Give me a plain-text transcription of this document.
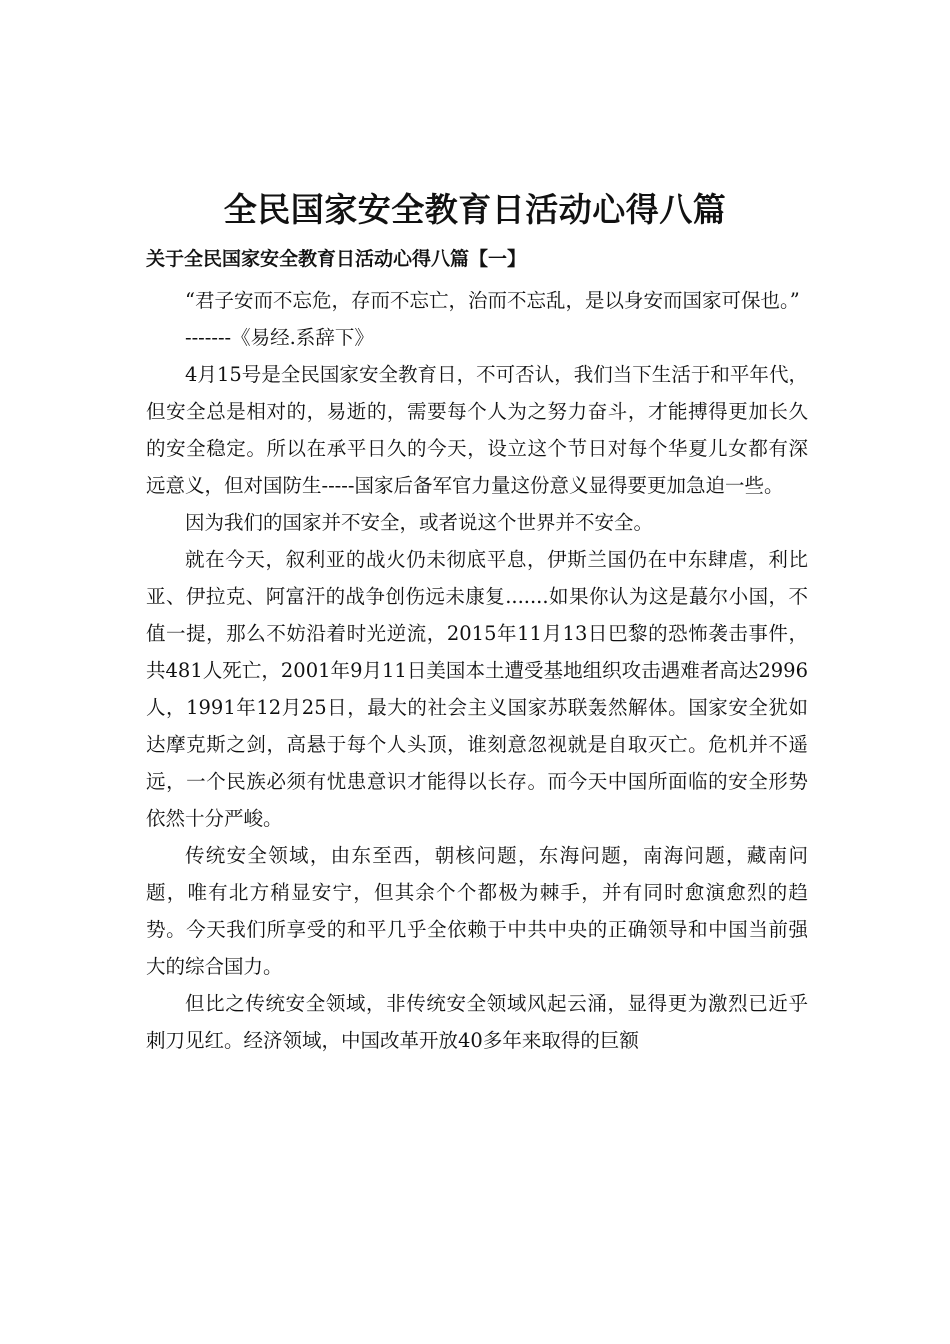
全民国家安全教育日活动心得八篇
关于全民国家安全教育日活动心得八篇【一】

“君子安而不忘危，存而不忘亡，治而不忘乱，是以身安而国家可保也。”

-------《易经.系辞下》

4月15号是全民国家安全教育日，不可否认，我们当下生活于和平年代，但安全总是相对的，易逝的，需要每个人为之努力奋斗，才能搏得更加长久的安全稳定。所以在承平日久的今天，设立这个节日对每个华夏儿女都有深远意义，但对国防生-----国家后备军官力量这份意义显得要更加急迫一些。

因为我们的国家并不安全，或者说这个世界并不安全。

就在今天，叙利亚的战火仍未彻底平息，伊斯兰国仍在中东肆虐，利比亚、伊拉克、阿富汗的战争创伤远未康复.......如果你认为这是蕞尔小国，不值一提，那么不妨沿着时光逆流，2015年11月13日巴黎的恐怖袭击事件，共481人死亡，2001年9月11日美国本土遭受基地组织攻击遇难者高达2996人，1991年12月25日，最大的社会主义国家苏联轰然解体。国家安全犹如达摩克斯之剑，高悬于每个人头顶，谁刻意忽视就是自取灭亡。危机并不遥远，一个民族必须有忧患意识才能得以长存。而今天中国所面临的安全形势依然十分严峻。

传统安全领域，由东至西，朝核问题，东海问题，南海问题，藏南问题，唯有北方稍显安宁，但其余个个都极为棘手，并有同时愈演愈烈的趋势。今天我们所享受的和平几乎全依赖于中共中央的正确领导和中国当前强大的综合国力。

但比之传统安全领域，非传统安全领域风起云涌，显得更为激烈已近乎刺刀见红。经济领域，中国改革开放40多年来取得的巨额
